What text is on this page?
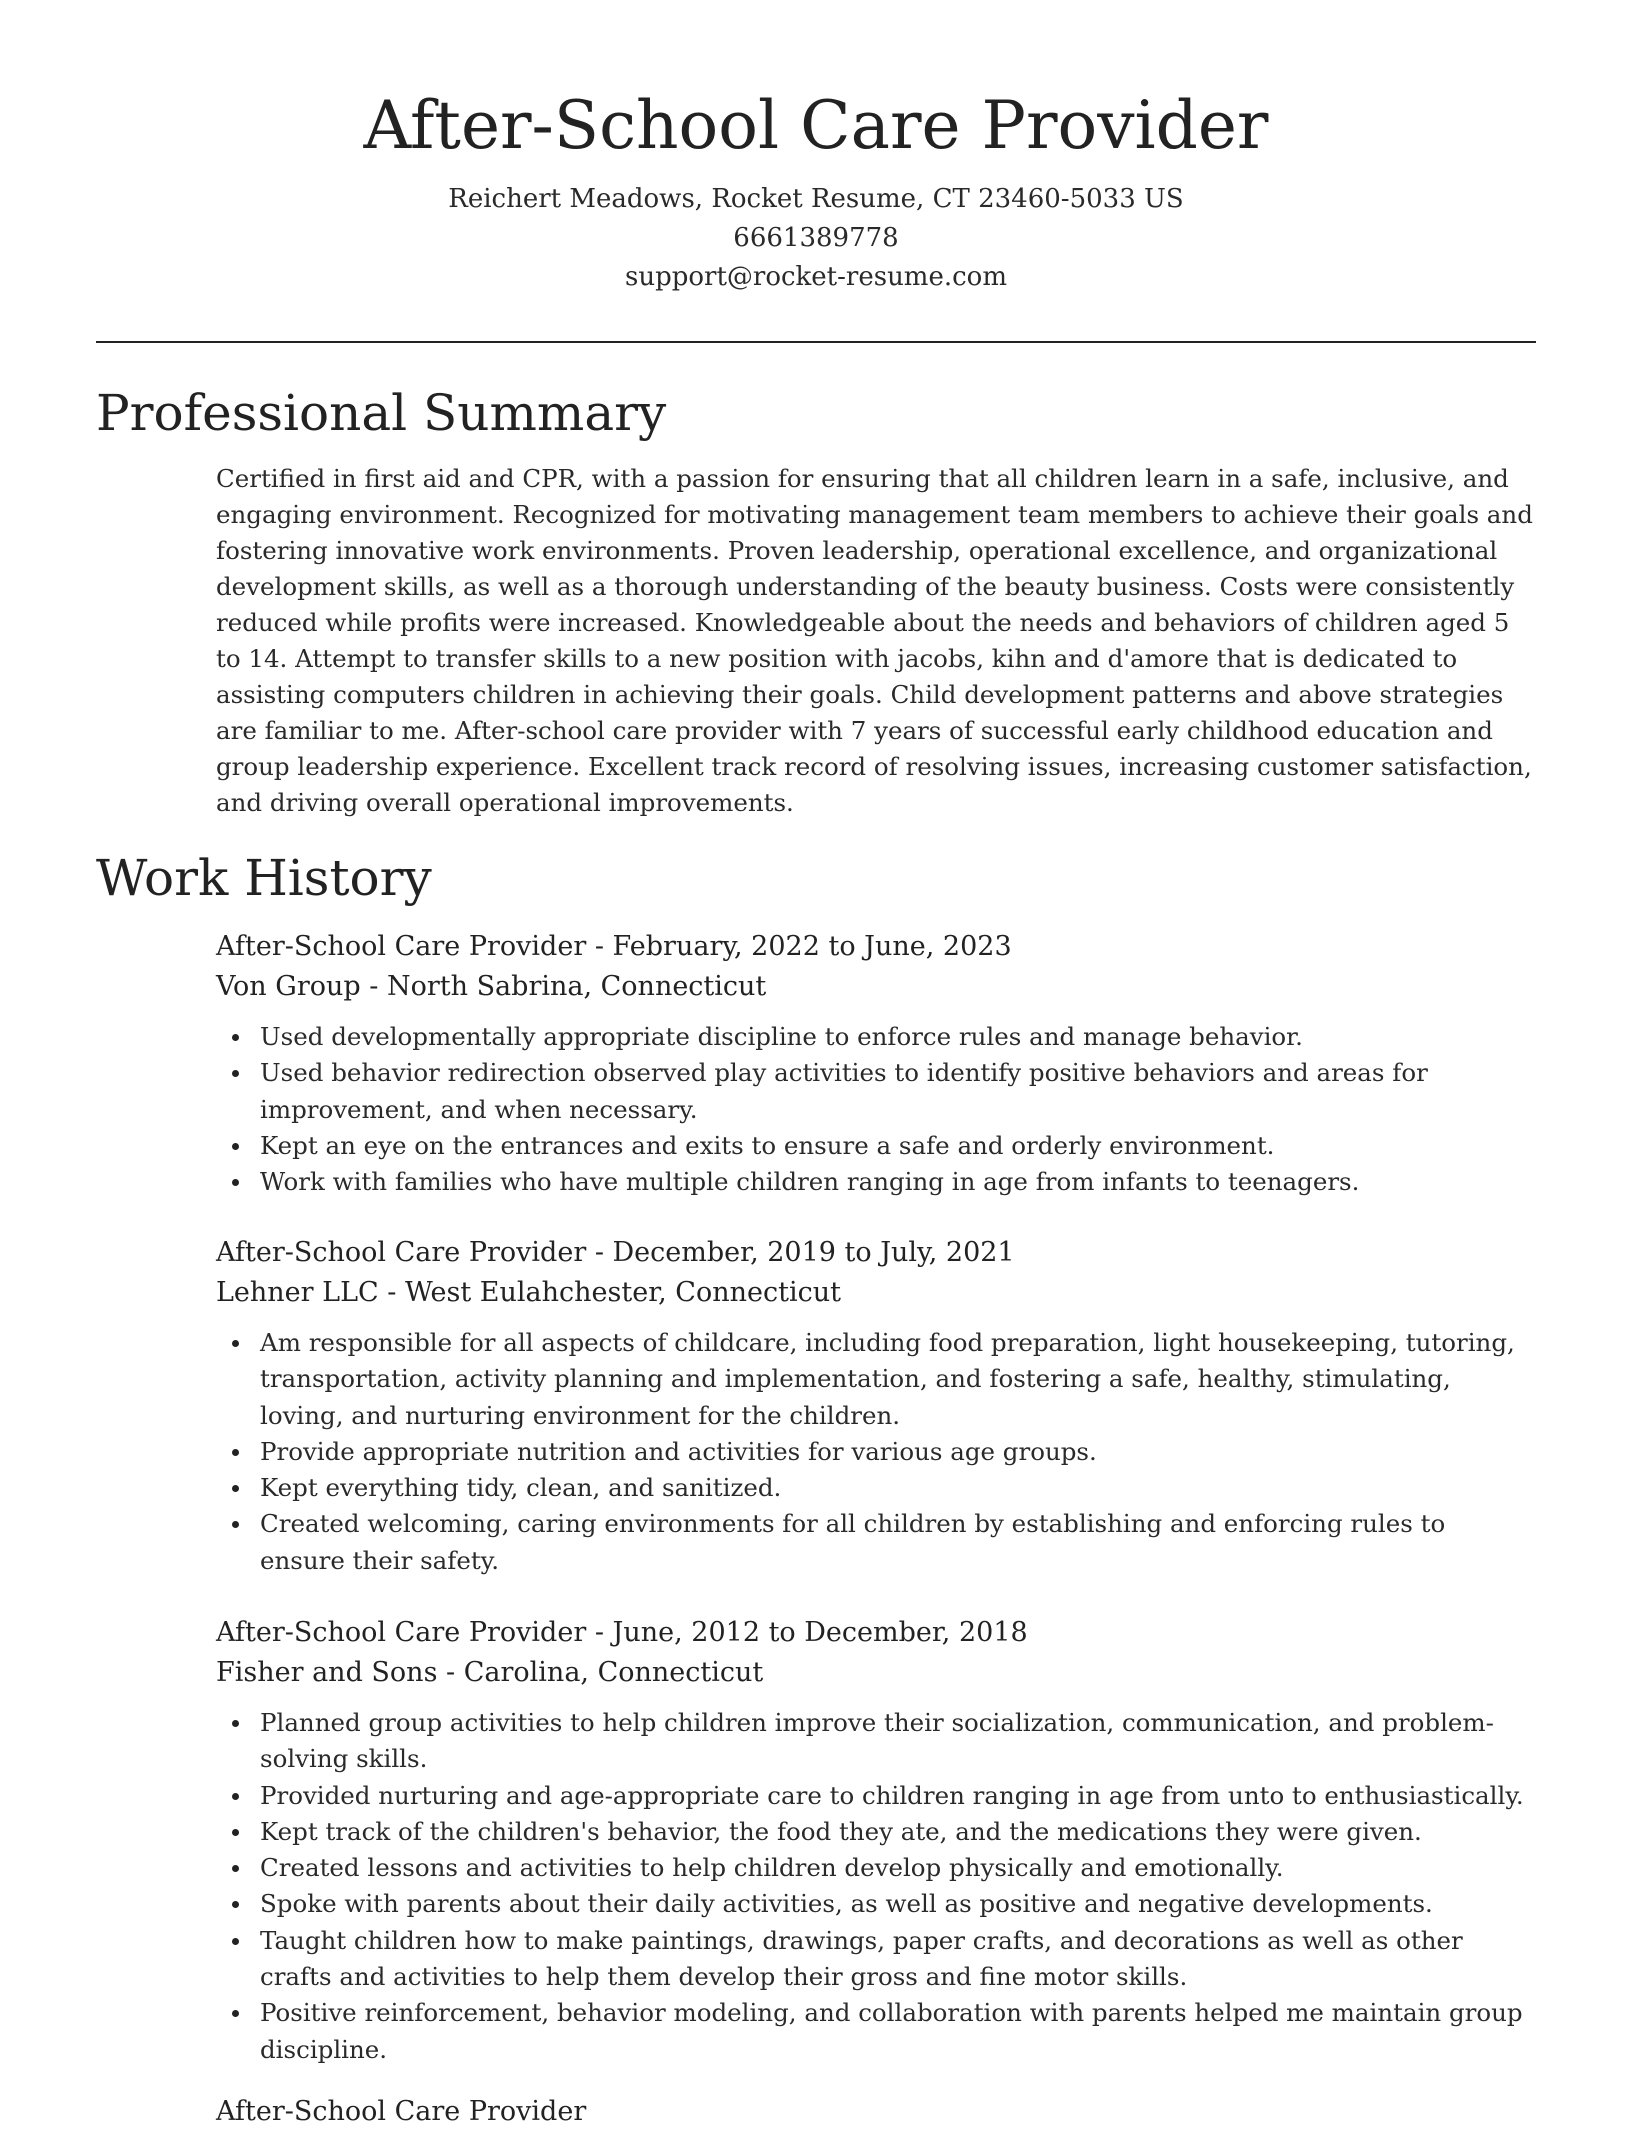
After-School Care Provider
Reichert Meadows, Rocket Resume, CT 23460-5033 US
6661389778
support@rocket-resume.com
Professional Summary

Certified in first aid and CPR, with a passion for ensuring that all children learn in a safe, inclusive, and engaging environment. Recognized for motivating management team members to achieve their goals and fostering innovative work environments. Proven leadership, operational excellence, and organizational development skills, as well as a thorough understanding of the beauty business. Costs were consistently reduced while profits were increased. Knowledgeable about the needs and behaviors of children aged 5 to 14. Attempt to transfer skills to a new position with jacobs, kihn and d'amore that is dedicated to assisting computers children in achieving their goals. Child development patterns and above strategies are familiar to me. After-school care provider with 7 years of successful early childhood education and group leadership experience. Excellent track record of resolving issues, increasing customer satisfaction, and driving overall operational improvements.

Work History
After-School Care Provider - February, 2022 to June, 2023
Von Group - North Sabrina, Connecticut
Used developmentally appropriate discipline to enforce rules and manage behavior.
Used behavior redirection observed play activities to identify positive behaviors and areas for improvement, and when necessary.
Kept an eye on the entrances and exits to ensure a safe and orderly environment.
Work with families who have multiple children ranging in age from infants to teenagers.
After-School Care Provider - December, 2019 to July, 2021
Lehner LLC - West Eulahchester, Connecticut
Am responsible for all aspects of childcare, including food preparation, light housekeeping, tutoring, transportation, activity planning and implementation, and fostering a safe, healthy, stimulating, loving, and nurturing environment for the children.
Provide appropriate nutrition and activities for various age groups.
Kept everything tidy, clean, and sanitized.
Created welcoming, caring environments for all children by establishing and enforcing rules to ensure their safety.
After-School Care Provider - June, 2012 to December, 2018
Fisher and Sons - Carolina, Connecticut
Planned group activities to help children improve their socialization, communication, and problem-solving skills.
Provided nurturing and age-appropriate care to children ranging in age from unto to enthusiastically.
Kept track of the children's behavior, the food they ate, and the medications they were given.
Created lessons and activities to help children develop physically and emotionally.
Spoke with parents about their daily activities, as well as positive and negative developments.
Taught children how to make paintings, drawings, paper crafts, and decorations as well as other crafts and activities to help them develop their gross and fine motor skills.
Positive reinforcement, behavior modeling, and collaboration with parents helped me maintain group discipline.
After-School Care Provider
